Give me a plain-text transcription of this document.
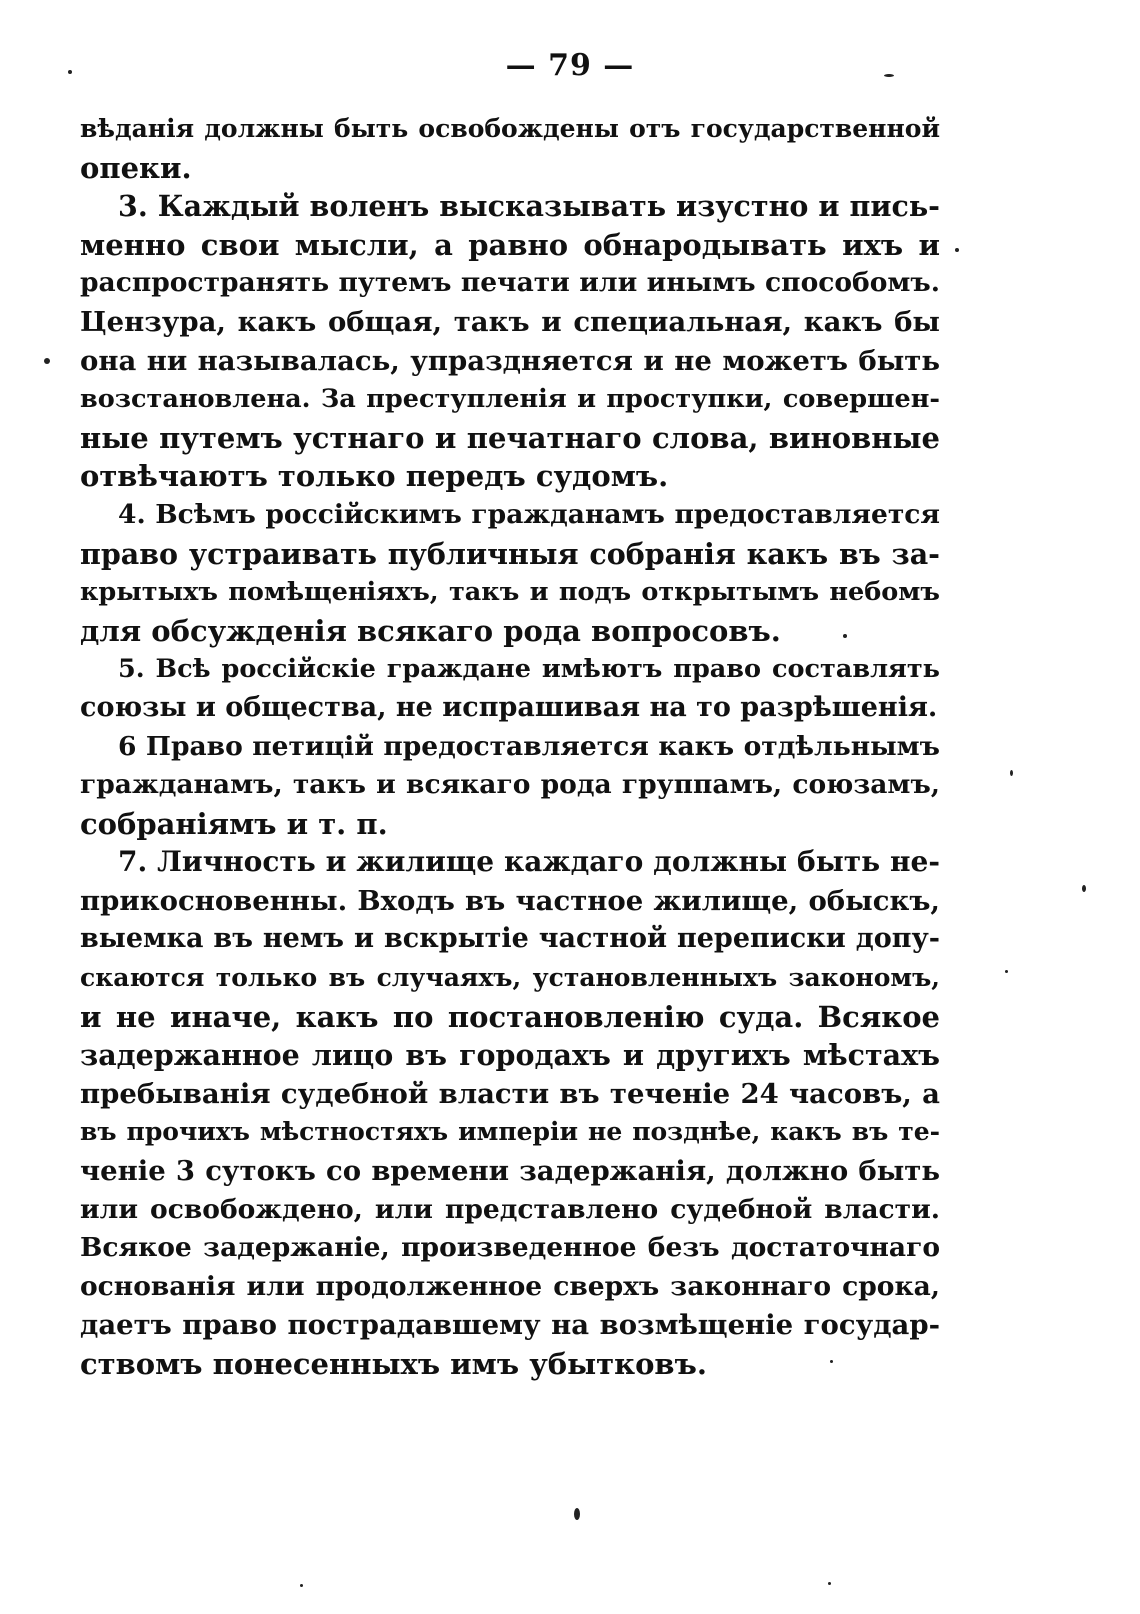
— 79 —
вѣданія должны быть освобождены отъ государственной
опеки.
3. Каждый воленъ высказывать изустно и пись-
менно свои мысли, а равно обнародывать ихъ и
распространять путемъ печати или инымъ способомъ.
Цензура, какъ общая, такъ и специальная, какъ бы
она ни называлась, упраздняется и не можетъ быть
возстановлена. За преступленія и проступки, совершен-
ные путемъ устнаго и печатнаго слова, виновные
отвѣчаютъ только передъ судомъ.
4. Всѣмъ россійскимъ гражданамъ предоставляется
право устраивать публичныя собранія какъ въ за-
крытыхъ помѣщеніяхъ, такъ и подъ открытымъ небомъ
для обсужденія всякаго рода вопросовъ.
5. Всѣ россійскіе граждане имѣютъ право составлять
союзы и общества, не испрашивая на то разрѣшенія.
6 Право петицій предоставляется какъ отдѣльнымъ
гражданамъ, такъ и всякаго рода группамъ, союзамъ,
собраніямъ и т. п.
7. Личность и жилище каждаго должны быть не-
прикосновенны. Входъ въ частное жилище, обыскъ,
выемка въ немъ и вскрытіе частной переписки допу-
скаются только въ случаяхъ, установленныхъ закономъ,
и не иначе, какъ по постановленію суда. Всякое
задержанное лицо въ городахъ и другихъ мѣстахъ
пребыванія судебной власти въ теченіе 24 часовъ, а
въ прочихъ мѣстностяхъ имперіи не позднѣе, какъ въ те-
ченіе 3 сутокъ со времени задержанія, должно быть
или освобождено, или представлено судебной власти.
Всякое задержаніе, произведенное безъ достаточнаго
основанія или продолженное сверхъ законнаго срока,
даетъ право пострадавшему на возмѣщеніе государ-
ствомъ понесенныхъ имъ убытковъ.
